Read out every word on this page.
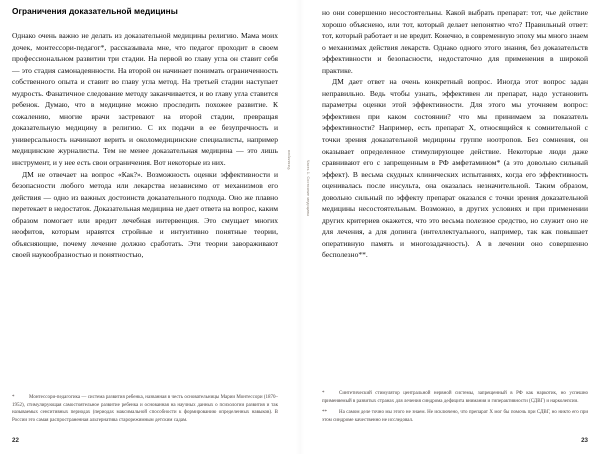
Ограничения доказательной медицины

Однако очень важно не делать из доказательной медицины религию. Мама моих дочек, монтессори-педагог*, рассказывала мне, что педагог проходит в своем профессиональном развитии три стадии. На первой во главу угла он ставит себя — это стадия самонадеянности. На второй он начинает понимать ограниченность собственного опыта и ставит во главу угла метод. На третьей стадии наступает мудрость. Фанатичное следование методу заканчивается, и во главу угла ставится ребенок. Думаю, что в медицине можно проследить похожее развитие. К сожалению, многие врачи застревают на второй стадии, превращая доказательную медицину в религию. С их подачи в ее безупречность и универсальность начинают верить и околомедицинские специалисты, например медицинские журналисты. Тем не менее доказательная медицина — это лишь инструмент, и у нее есть свои ограничения. Вот некоторые из них.

ДМ не отвечает на вопрос «Как?». Возможность оценки эффективности и безопасности любого метода или лекарства независимо от механизмов его действия — одно из важных достоинств доказательного подхода. Оно же плавно перетекает в недостаток. Доказательная медицина не дает ответа на вопрос, каким образом помогает или вредит лечебная интервенция. Это смущает многих неофитов, которым нравятся стройные и интуитивно понятные теории, объясняющие, почему лечение должно сработать. Эти теории завораживают своей наукообразностью и понятностью,

*	Монтессори-педагогика — система развития ребенка, названная в честь основательницы Марии Монтессори (1870–1952), стимулирующая самостоятельное развитие ребенка и основанная на научных данных о психологии развития и так называемых сенситивных периодах (периодах максимальной способности к формированию определенных навыков). В России это самая распространенная альтернатива старорежимным детским садам.

22

но они совершенно несостоятельны. Какой выбрать препарат: тот, чье действие хорошо объяснено, или тот, который делает непонятно что? Правильный ответ: тот, который работает и не вредит. Конечно, в современную эпоху мы много знаем о механизмах действия лекарств. Однако одного этого знания, без доказательств эффективности и безопасности, недостаточно для применения в широкой практике.

ДМ дает ответ на очень конкретный вопрос. Иногда этот вопрос задан неправильно. Ведь чтобы узнать, эффективен ли препарат, надо установить параметры оценки этой эффективности. Для этого мы уточняем вопрос: эффективен при каком состоянии? что мы принимаем за показатель эффективности? Например, есть препарат X, относящийся к сомнительной с точки зрения доказательной медицины группе ноотропов. Без сомнения, он оказывает определенное стимулирующее действие. Некоторые люди даже сравнивают его с запрещенным в РФ амфетамином* (а это довольно сильный эффект). В весьма скудных клинических испытаниях, когда его эффективность оценивалась после инсульта, она оказалась незначительной. Таким образом, довольно сильный по эффекту препарат оказался с точки зрения доказательной медицины несостоятельным. Возможно, в других условиях и при применении других критериев окажется, что это весьма полезное средство, но служит оно не для лечения, а для допинга (интеллектуального, например, так как повышает оперативную память и многозадачность). А в лечении оно совершенно бесполезно**.

*	Синтетический стимулятор центральной нервной системы, запрещенный в РФ как наркотик, но успешно применяемый в развитых странах для лечения синдрома дефицита внимания и гиперактивности (СДВГ) и нарколепсии.

** На самом деле точно мы этого не знаем. Не исключено, что препарат X мог бы помочь при СДВГ, но никто его при этом синдроме качественно не исследовал.

23
Физиатрия
Часть 1. Состояние медицины
